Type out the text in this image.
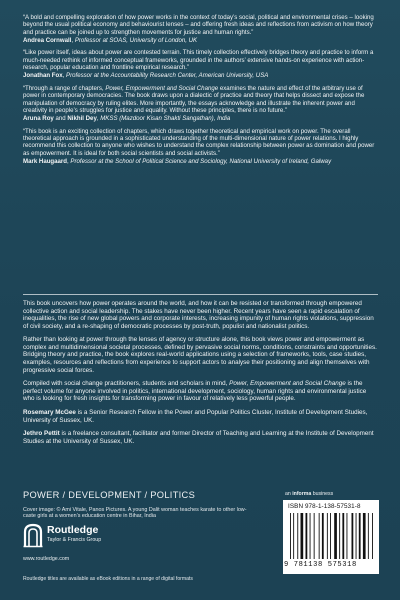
“A bold and compelling exploration of how power works in the context of today’s social, political and environmental crises – looking beyond the usual political economy and behaviourist lenses – and offering fresh ideas and reflections from activism on how theory and practice can be joined up to strengthen movements for justice and human rights.”

Andrea Cornwall, Professor at SOAS, University of London, UK

“Like power itself, ideas about power are contested terrain. This timely collection effectively bridges theory and practice to inform a much-needed rethink of informed conceptual frameworks, grounded in the authors’ extensive hands-on experience with action-research, popular education and frontline empirical research.”

Jonathan Fox, Professor at the Accountability Research Center, American University, USA

“Through a range of chapters, Power, Empowerment and Social Change examines the nature and effect of the arbitrary use of power in contemporary democracies. The book draws upon a dialectic of practice and theory that helps dissect and expose the manipulation of democracy by ruling elites. More importantly, the essays acknowledge and illustrate the inherent power and creativity in people’s struggles for justice and equality. Without these principles, there is no future.”

Aruna Roy and Nikhil Dey, MKSS (Mazdoor Kisan Shakti Sangathan), India

“This book is an exciting collection of chapters, which draws together theoretical and empirical work on power. The overall theoretical approach is grounded in a sophisticated understanding of the multi-dimensional nature of power relations. I highly recommend this collection to anyone who wishes to understand the complex relationship between power as domination and power as empowerment. It is ideal for both social scientists and social activists.”

Mark Haugaard, Professor at the School of Political Science and Sociology, National University of Ireland, Galway

This book uncovers how power operates around the world, and how it can be resisted or transformed through empowered collective action and social leadership. The stakes have never been higher. Recent years have seen a rapid escalation of inequalities, the rise of new global powers and corporate interests, increasing impunity of human rights violations, suppression of civil society, and a re-shaping of democratic processes by post-truth, populist and nationalist politics.

Rather than looking at power through the lenses of agency or structure alone, this book views power and empowerment as complex and multidimensional societal processes, defined by pervasive social norms, conditions, constraints and opportunities. Bridging theory and practice, the book explores real-world applications using a selection of frameworks, tools, case studies, examples, resources and reflections from experience to support actors to analyse their positioning and align themselves with progressive social forces.

Compiled with social change practitioners, students and scholars in mind, Power, Empowerment and Social Change is the perfect volume for anyone involved in politics, international development, sociology, human rights and environmental justice who is looking for fresh insights for transforming power in favour of relatively less powerful people.

Rosemary McGee is a Senior Research Fellow in the Power and Popular Politics Cluster, Institute of Development Studies, University of Sussex, UK.

Jethro Pettit is a freelance consultant, facilitator and former Director of Teaching and Learning at the Institute of Development Studies at the University of Sussex, UK.

POWER / DEVELOPMENT / POLITICS
Cover image: © Ami Vitale, Panos Pictures. A young Dalit woman teaches karate to other low-caste girls at a women’s education centre in Bihar, India
Routledge
Taylor & Francis Group
www.routledge.com
Routledge titles are available as eBook editions in a range of digital formats
an informa business
ISBN 978-1-138-57531-8
9 781138 575318
